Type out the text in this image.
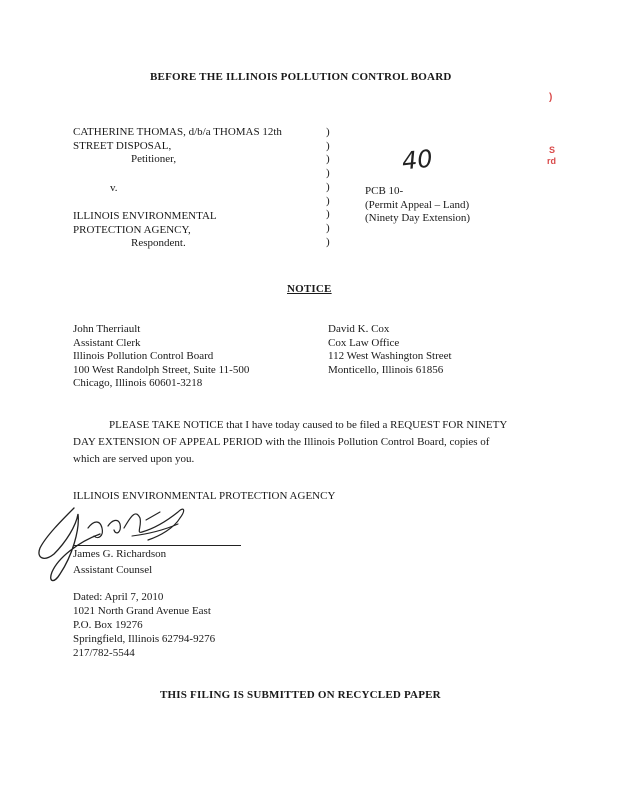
BEFORE THE ILLINOIS POLLUTION CONTROL BOARD
)
S
rd
CATHERINE THOMAS, d/b/a THOMAS 12th
STREET DISPOSAL,
Petitioner,
v.
ILLINOIS ENVIRONMENTAL
PROTECTION AGENCY,
Respondent.
)
)
)
)
)
)
)
)
)
40
PCB 10-
(Permit Appeal – Land)
(Ninety Day Extension)
NOTICE
John Therriault
Assistant Clerk
Illinois Pollution Control Board
100 West Randolph Street, Suite 11-500
Chicago, Illinois 60601-3218
David K. Cox
Cox Law Office
112 West Washington Street
Monticello, Illinois 61856
PLEASE TAKE NOTICE that I have today caused to be filed a REQUEST FOR NINETY
DAY EXTENSION OF APPEAL PERIOD with the Illinois Pollution Control Board, copies of
which are served upon you.
ILLINOIS ENVIRONMENTAL PROTECTION AGENCY
James G. Richardson
Assistant Counsel
Dated: April 7, 2010
1021 North Grand Avenue East
P.O. Box 19276
Springfield, Illinois 62794-9276
217/782-5544
THIS FILING IS SUBMITTED ON RECYCLED PAPER
